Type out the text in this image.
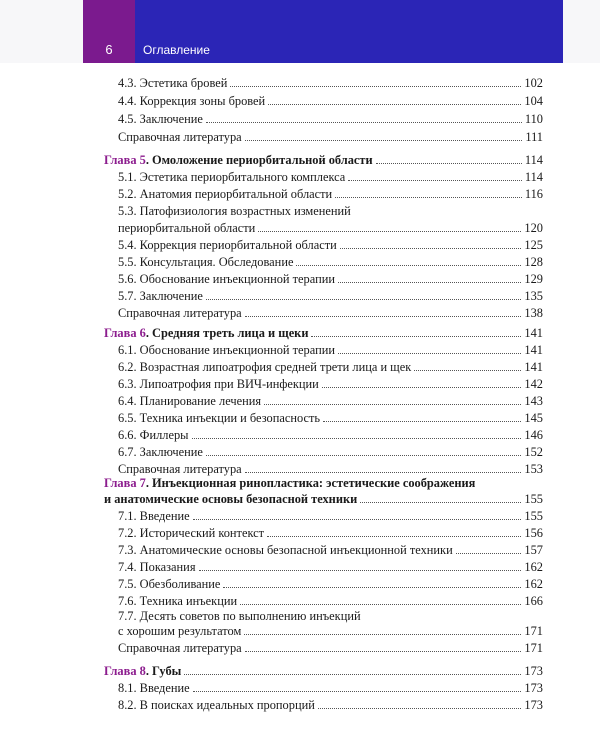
6	Оглавление
4.3. Эстетика бровей	102
4.4. Коррекция зоны бровей	104
4.5. Заключение	110
Справочная литература	111
Глава 5. Омоложение периорбитальной области	114
5.1. Эстетика периорбитального комплекса	114
5.2. Анатомия периорбитальной области	116
5.3. Патофизиология возрастных изменений
периорбитальной области	120
5.4. Коррекция периорбитальной области	125
5.5. Консультация. Обследование	128
5.6. Обоснование инъекционной терапии	129
5.7. Заключение	135
Справочная литература	138
Глава 6. Средняя треть лица и щеки	141
6.1. Обоснование инъекционной терапии	141
6.2. Возрастная липоатрофия средней трети лица и щек	141
6.3. Липоатрофия при ВИЧ-инфекции	142
6.4. Планирование лечения	143
6.5. Техника инъекции и безопасность	145
6.6. Филлеры	146
6.7. Заключение	152
Справочная литература	153
Глава 7. Инъекционная ринопластика: эстетические соображения
и анатомические основы безопасной техники	155
7.1. Введение	155
7.2. Исторический контекст	156
7.3. Анатомические основы безопасной инъекционной техники	157
7.4. Показания	162
7.5. Обезболивание	162
7.6. Техника инъекции	166
7.7. Десять советов по выполнению инъекций
с хорошим результатом	171
Справочная литература	171
Глава 8. Губы	173
8.1. Введение	173
8.2. В поисках идеальных пропорций	173
